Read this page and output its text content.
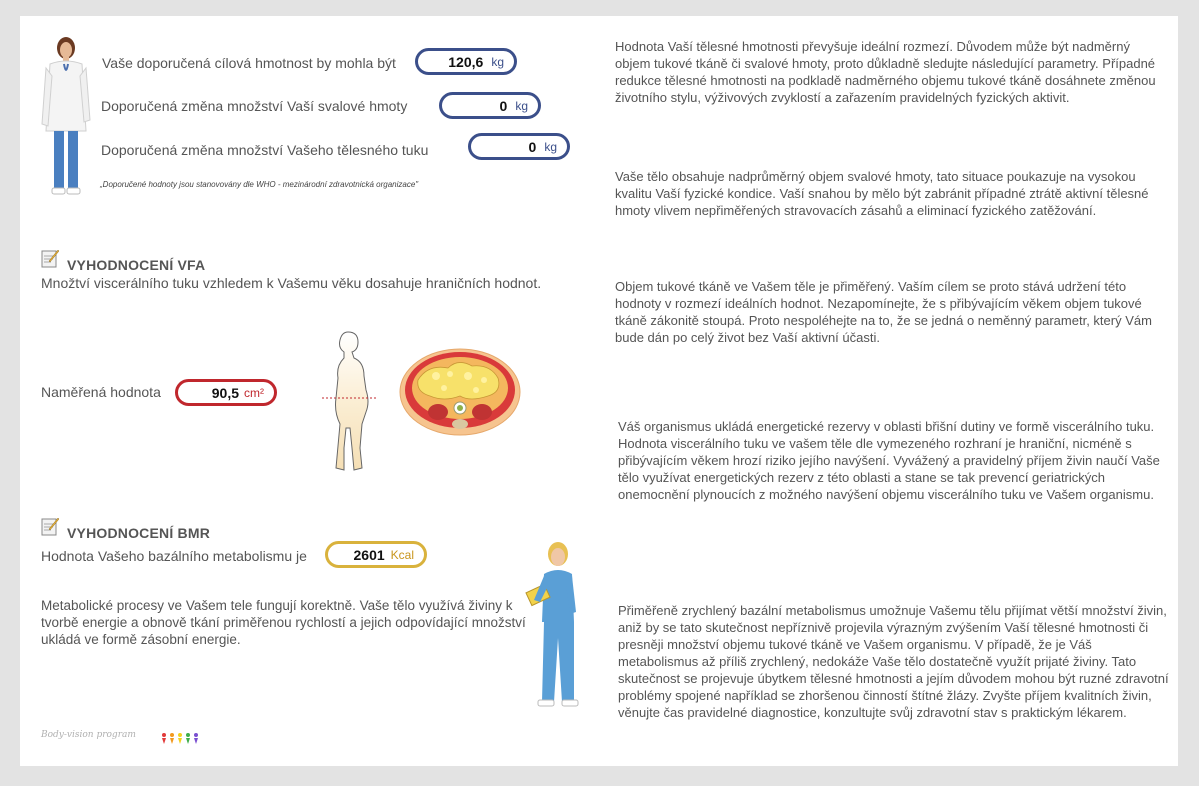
Vaše doporučená cílová hmotnost by mohla být	120,6 kg
Doporučená změna množství Vaší svalové hmoty	0 kg
Doporučená změna množství Vašeho tělesného tuku	0 kg
„Doporučené hodnoty jsou stanovovány dle WHO - mezinárodní zdravotnická organizace"
VYHODNOCENÍ VFA
Množtví viscerálního tuku vzhledem k Vašemu věku dosahuje hraničních hodnot.
Naměřená hodnota	90,5 cm²
VYHODNOCENÍ BMR
Hodnota Vašeho bazálního metabolismu je	2601 Kcal
Metabolické procesy ve Vašem tele fungují korektně. Vaše tělo využívá živiny k tvorbě energie a obnově tkání priměřenou rychlostí a jejich odpovídající množství ukládá ve formě zásobní energie.
Body-vision program
Hodnota Vaší tělesné hmotnosti převyšuje ideální rozmezí. Důvodem může být nadměrný objem tukové tkáně či svalové hmoty, proto důkladně sledujte následující parametry. Případné redukce tělesné hmotnosti na podkladě nadměrného objemu tukové tkáně dosáhnete změnou životního stylu, výživových zvyklostí a zařazením pravidelných fyzických aktivit.
Vaše tělo obsahuje nadprůměrný objem svalové hmoty, tato situace poukazuje na vysokou kvalitu Vaší fyzické kondice. Vaší snahou by mělo být zabránit případné ztrátě aktivní tělesné hmoty vlivem nepřiměřených stravovacích zásahů a eliminací fyzického zatěžování.
Objem tukové tkáně ve Vašem těle je přiměřený. Vaším cílem se proto stává udržení této hodnoty v rozmezí ideálních hodnot. Nezapomínejte, že s přibývajícím věkem objem tukové tkáně zákonitě stoupá. Proto nespoléhejte na to, že se jedná o neměnný parametr, který Vám bude dán po celý život bez Vaší aktivní účasti.
Váš organismus ukládá energetické rezervy v oblasti břišní dutiny ve formě viscerálního tuku. Hodnota viscerálního tuku ve vašem těle dle vymezeného rozhraní je hraniční, nicméně s přibývajícím věkem hrozí riziko jejího navýšení. Vyvážený a pravidelný příjem živin naučí Vaše tělo využívat energetických rezerv z této oblasti a stane se tak prevencí geriatrických onemocnění plynoucích z možného navýšení objemu viscerálního tuku ve Vašem organismu.
Přiměřeně zrychlený bazální metabolismus umožnuje Vašemu tělu přijímat větší množství živin, aniž by se tato skutečnost nepříznivě projevila výrazným zvýšením Vaší tělesné hmotnosti či presněji množství objemu tukové tkáně ve Vašem organismu. V případě, že je Váš metabolismus až příliš zrychlený, nedokáže Vaše tělo dostatečně využít prijaté živiny. Tato skutečnost se projevuje úbytkem tělesné hmotnosti a jejím důvodem mohou být ruzné zdravotní problémy spojené například se zhoršenou činností štítné žlázy. Zvyšte příjem kvalitních živin, věnujte čas pravidelné diagnostice, konzultujte svůj zdravotní stav s praktickým lékarem.
